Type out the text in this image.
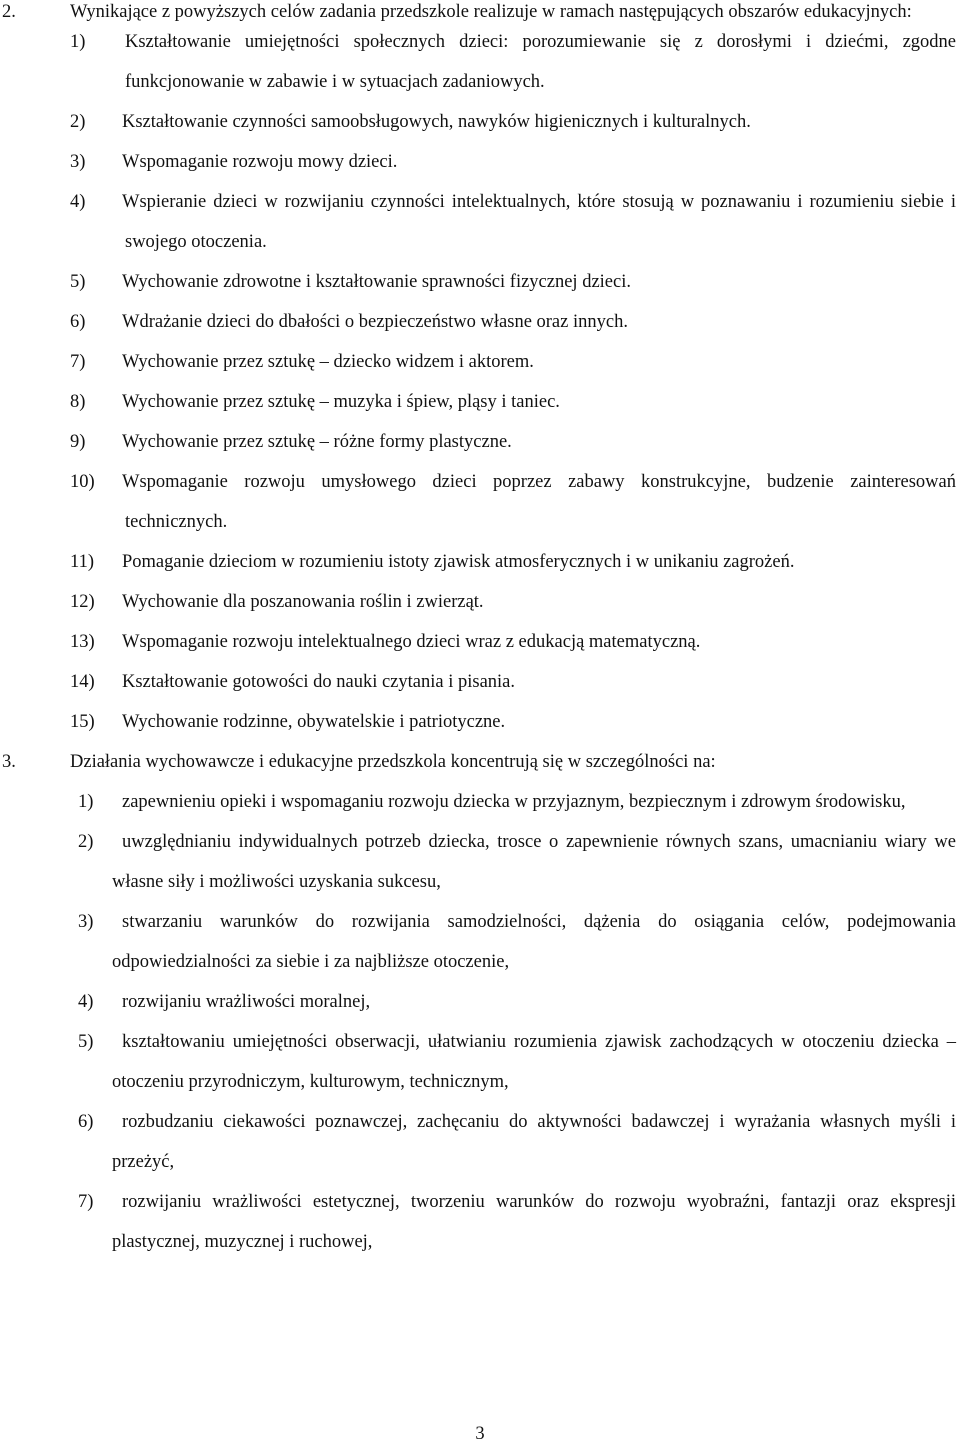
2.	Wynikające z powyższych celów zadania przedszkole realizuje w ramach następujących obszarów edukacyjnych:
1)	Kształtowanie umiejętności społecznych dzieci: porozumiewanie się z dorosłymi i dziećmi, zgodne funkcjonowanie w zabawie i w sytuacjach zadaniowych.
2)	Kształtowanie czynności samoobsługowych, nawyków higienicznych i kulturalnych.
3)	Wspomaganie rozwoju mowy dzieci.
4)	Wspieranie dzieci w rozwijaniu czynności intelektualnych, które stosują w poznawaniu i rozumieniu siebie i swojego otoczenia.
5)	Wychowanie zdrowotne i kształtowanie sprawności fizycznej dzieci.
6)	Wdrażanie dzieci do dbałości o bezpieczeństwo własne oraz innych.
7)	Wychowanie przez sztukę – dziecko widzem i aktorem.
8)	Wychowanie przez sztukę – muzyka i śpiew, pląsy i taniec.
9)	Wychowanie przez sztukę – różne formy plastyczne.
10)	Wspomaganie rozwoju umysłowego dzieci poprzez zabawy konstrukcyjne, budzenie zainteresowań technicznych.
11)	Pomaganie dzieciom w rozumieniu istoty zjawisk atmosferycznych i w unikaniu zagrożeń.
12)	Wychowanie dla poszanowania roślin i zwierząt.
13)	Wspomaganie rozwoju intelektualnego dzieci wraz z edukacją matematyczną.
14)	Kształtowanie gotowości do nauki czytania i pisania.
15)	Wychowanie rodzinne, obywatelskie i patriotyczne.
3.	Działania wychowawcze i edukacyjne przedszkola koncentrują się w szczególności na:
1)	zapewnieniu opieki i wspomaganiu rozwoju dziecka w przyjaznym, bezpiecznym i zdrowym środowisku,
2)	uwzględnianiu indywidualnych potrzeb dziecka, trosce o zapewnienie równych szans, umacnianiu wiary we własne siły i możliwości uzyskania sukcesu,
3)	stwarzaniu warunków do rozwijania samodzielności, dążenia do osiągania celów, podejmowania odpowiedzialności za siebie i za najbliższe otoczenie,
4)	rozwijaniu wrażliwości moralnej,
5)	kształtowaniu umiejętności obserwacji, ułatwianiu rozumienia zjawisk zachodzących w otoczeniu dziecka – otoczeniu przyrodniczym, kulturowym, technicznym,
6)	rozbudzaniu ciekawości poznawczej, zachęcaniu do aktywności badawczej i wyrażania własnych myśli i przeżyć,
7)	rozwijaniu wrażliwości estetycznej, tworzeniu warunków do rozwoju wyobraźni, fantazji oraz ekspresji plastycznej, muzycznej i ruchowej,
3
